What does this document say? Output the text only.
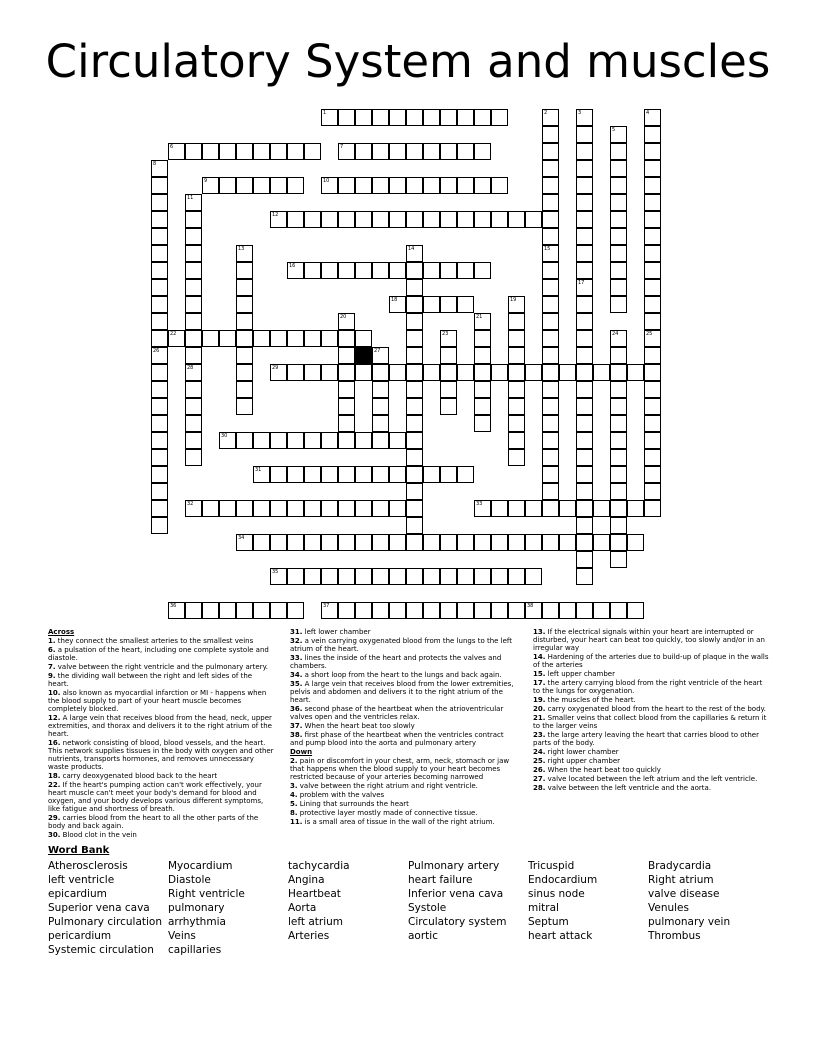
Circulatory System and muscles
1	2	3
17
4
5
6	7
8
9	10
11
28
12
13	14	15
16
18	19
20	21
22	23	24	25
26	27
29
30
31
32	33
34
35
36	37	38

Across

1. they connect the smallest arteries to the smallest veins

6. a pulsation of the heart, including one complete systole and diastole.

7. valve between the right ventricle and the pulmonary artery.

9. the dividing wall between the right and left sides of the heart.

10. also known as myocardial infarction or MI - happens when the blood supply to part of your heart muscle becomes completely blocked.

12. A large vein that receives blood from the head, neck, upper extremities, and thorax and delivers it to the right atrium of the heart.

16. network consisting of blood, blood vessels, and the heart. This network supplies tissues in the body with oxygen and other nutrients, transports hormones, and removes unnecessary waste products.

18. carry deoxygenated blood back to the heart

22. If the heart's pumping action can't work effectively, your heart muscle can't meet your body's demand for blood and oxygen, and your body develops various different symptoms, like fatigue and shortness of breath.

29. carries blood from the heart to all the other parts of the body and back again.

30. Blood clot in the vein

31. left lower chamber

32. a vein carrying oxygenated blood from the lungs to the left atrium of the heart.

33. lines the inside of the heart and protects the valves and chambers.

34. a short loop from the heart to the lungs and back again.

35. A large vein that receives blood from the lower extremities, pelvis and abdomen and delivers it to the right atrium of the heart.

36. second phase of the heartbeat when the atrioventricular valves open and the ventricles relax.

37. When the heart beat too slowly

38. first phase of the heartbeat when the ventricles contract and pump blood into the aorta and pulmonary artery

Down

2. pain or discomfort in your chest, arm, neck, stomach or jaw that happens when the blood supply to your heart becomes restricted because of your arteries becoming narrowed

3. valve between the right atrium and right ventricle.

4. problem with the valves

5. Lining that surrounds the heart

8. protective layer mostly made of connective tissue.

11. is a small area of tissue in the wall of the right atrium.

13. If the electrical signals within your heart are interrupted or disturbed, your heart can beat too quickly, too slowly and/or in an irregular way

14. Hardening of the arteries due to build-up of plaque in the walls of the arteries

15. left upper chamber

17. the artery carrying blood from the right ventricle of the heart to the lungs for oxygenation.

19. the muscles of the heart.

20. carry oxygenated blood from the heart to the rest of the body.

21. Smaller veins that collect blood from the capillaries & return it to the larger veins

23. the large artery leaving the heart that carries blood to other parts of the body.

24. right lower chamber

25. right upper chamber

26. When the heart beat too quickly

27. valve located between the left atrium and the left ventricle.

28. valve between the left ventricle and the aorta.

Word Bank
Atherosclerosis
left ventricle
epicardium
Superior vena cava
Pulmonary circulation
pericardium
Systemic circulation
Myocardium
Diastole
Right ventricle
pulmonary
arrhythmia
Veins
capillaries
tachycardia
Angina
Heartbeat
Aorta
left atrium
Arteries
Pulmonary artery
heart failure
Inferior vena cava
Systole
Circulatory system
aortic
Tricuspid
Endocardium
sinus node
mitral
Septum
heart attack
Bradycardia
Right atrium
valve disease
Venules
pulmonary vein
Thrombus
